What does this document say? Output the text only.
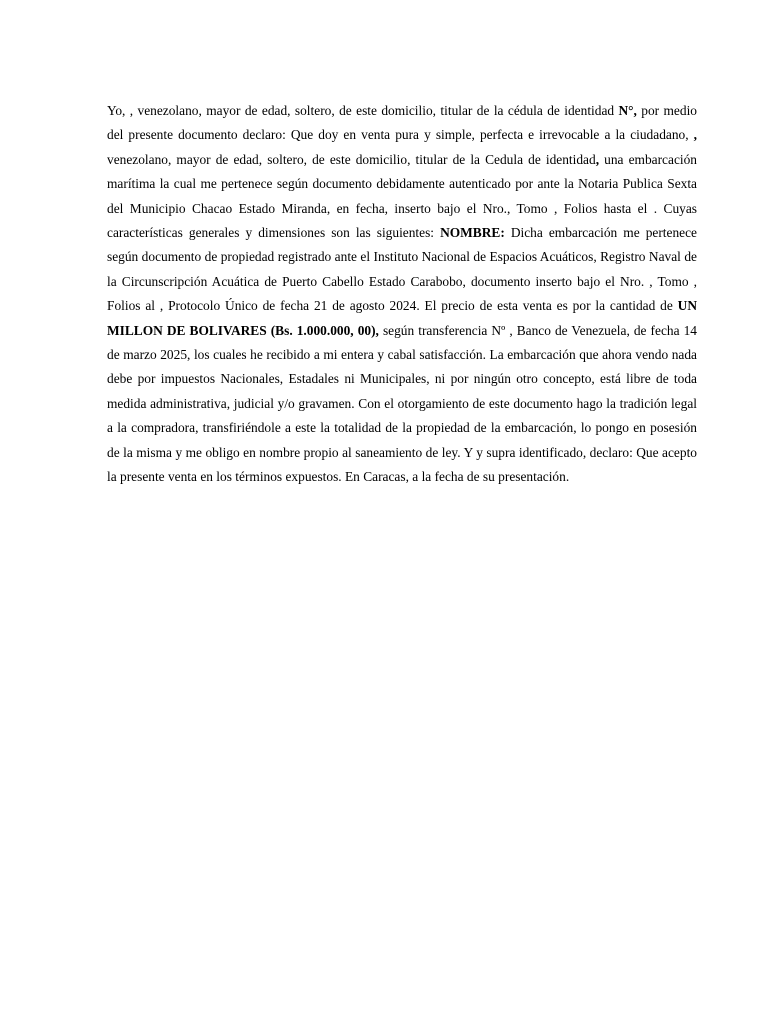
Yo, , venezolano, mayor de edad, soltero, de este domicilio, titular de la cédula de identidad N°, por medio del presente documento declaro: Que doy en venta pura y simple, perfecta e irrevocable a la ciudadano, , venezolano, mayor de edad, soltero, de este domicilio, titular de la Cedula de identidad, una embarcación marítima la cual me pertenece según documento debidamente autenticado por ante la Notaria Publica Sexta del Municipio Chacao Estado Miranda, en fecha, inserto bajo el Nro., Tomo , Folios hasta el . Cuyas características generales y dimensiones son las siguientes: NOMBRE: Dicha embarcación me pertenece según documento de propiedad registrado ante el Instituto Nacional de Espacios Acuáticos, Registro Naval de la Circunscripción Acuática de Puerto Cabello Estado Carabobo, documento inserto bajo el Nro. , Tomo , Folios al , Protocolo Único de fecha 21 de agosto 2024. El precio de esta venta es por la cantidad de UN MILLON DE BOLIVARES (Bs. 1.000.000, 00), según transferencia Nº , Banco de Venezuela, de fecha 14 de marzo 2025, los cuales he recibido a mi entera y cabal satisfacción. La embarcación que ahora vendo nada debe por impuestos Nacionales, Estadales ni Municipales, ni por ningún otro concepto, está libre de toda medida administrativa, judicial y/o gravamen. Con el otorgamiento de este documento hago la tradición legal a la compradora, transfiriéndole a este la totalidad de la propiedad de la embarcación, lo pongo en posesión de la misma y me obligo en nombre propio al saneamiento de ley. Y y supra identificado, declaro: Que acepto la presente venta en los términos expuestos. En Caracas, a la fecha de su presentación.
